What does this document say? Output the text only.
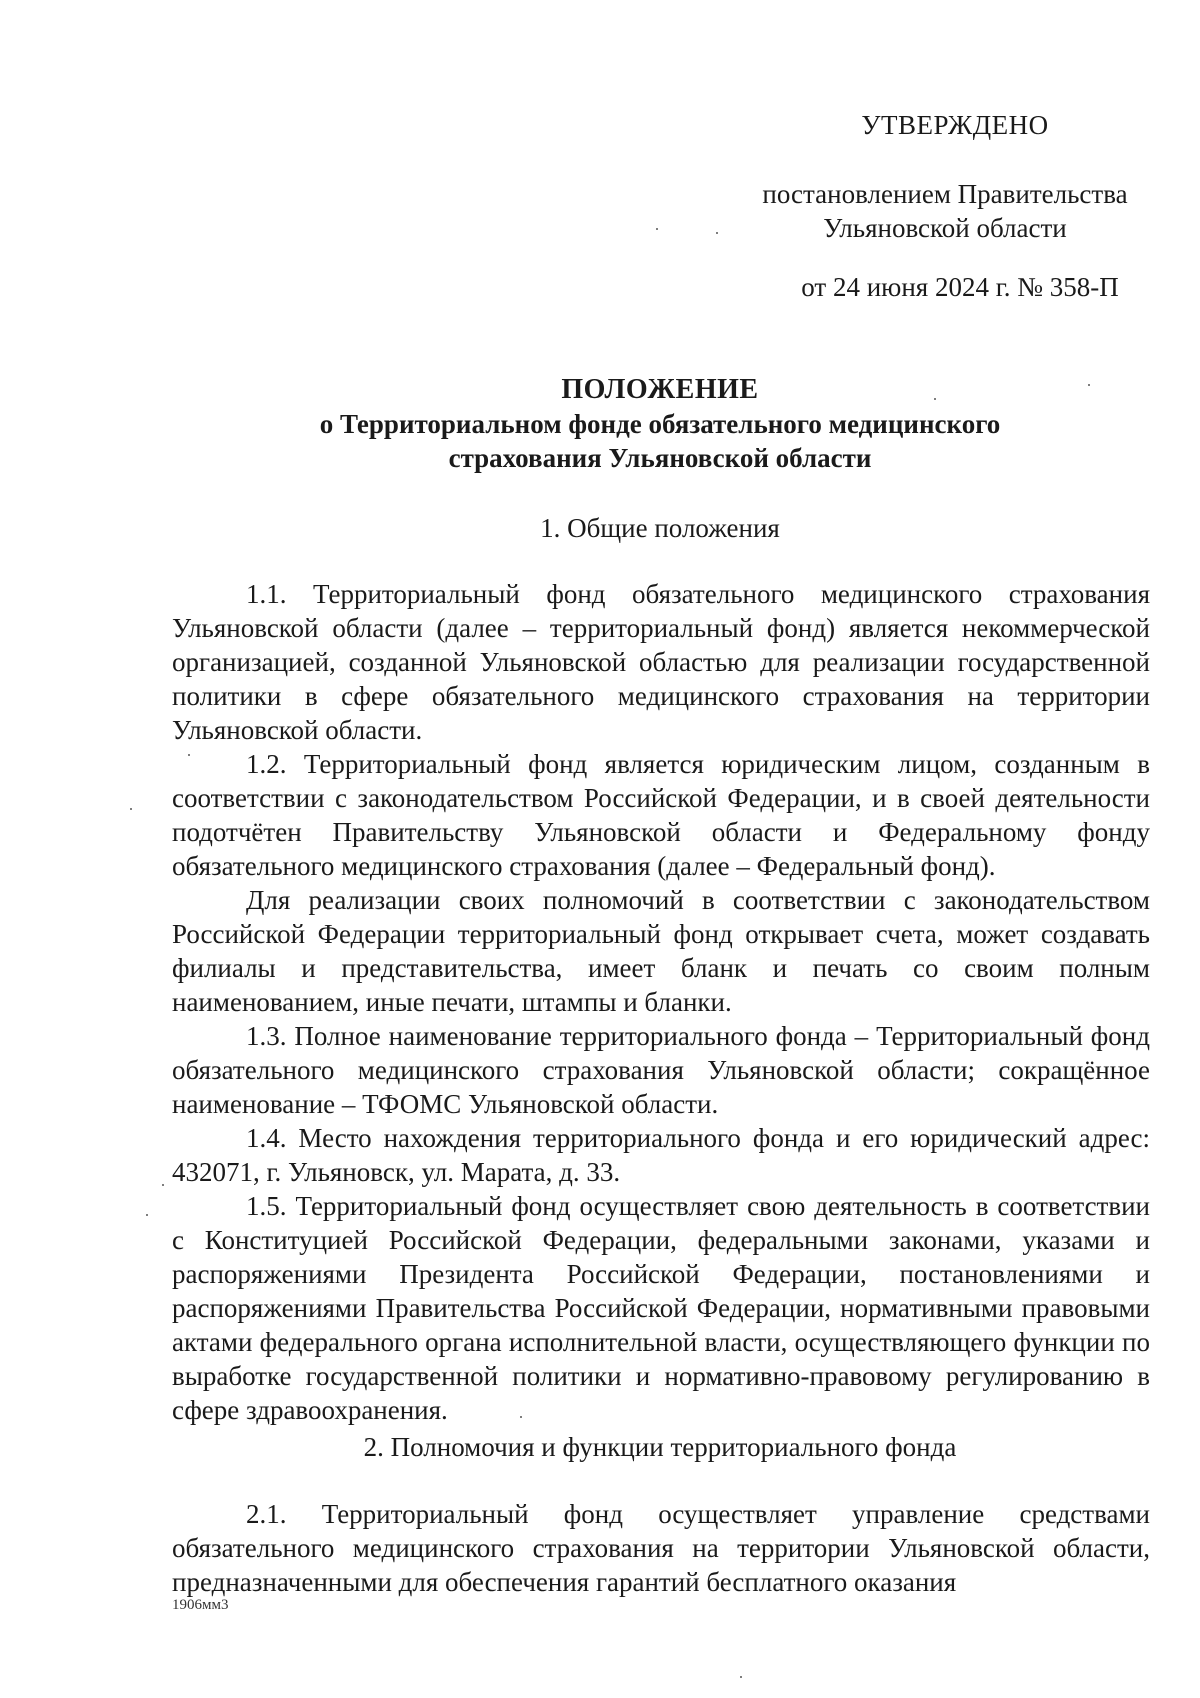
УТВЕРЖДЕНО
постановлением Правительства
Ульяновской области
от 24 июня 2024 г. № 358-П
ПОЛОЖЕНИЕ
о Территориальном фонде обязательного медицинского
страхования Ульяновской области
1. Общие положения

1.1. Территориальный фонд обязательного медицинского страхования Ульяновской области (далее – территориальный фонд) является некоммерческой организацией, созданной Ульяновской областью для реализации государственной политики в сфере обязательного медицинского страхования на территории Ульяновской области.

1.2. Территориальный фонд является юридическим лицом, созданным в соответствии с законодательством Российской Федерации, и в своей деятельности подотчётен Правительству Ульяновской области и Федеральному фонду обязательного медицинского страхования (далее – Федеральный фонд).

Для реализации своих полномочий в соответствии с законодательством Российской Федерации территориальный фонд открывает счета, может создавать филиалы и представительства, имеет бланк и печать со своим полным наименованием, иные печати, штампы и бланки.

1.3. Полное наименование территориального фонда – Территориальный фонд обязательного медицинского страхования Ульяновской области; сокращённое наименование – ТФОМС Ульяновской области.

1.4. Место нахождения территориального фонда и его юридический адрес: 432071, г. Ульяновск, ул. Марата, д. 33.

1.5. Территориальный фонд осуществляет свою деятельность в соответствии с Конституцией Российской Федерации, федеральными законами, указами и распоряжениями Президента Российской Федерации, постановлениями и распоряжениями Правительства Российской Федерации, нормативными правовыми актами федерального органа исполнительной власти, осуществляющего функции по выработке государственной политики и нормативно-правовому регулированию в сфере здравоохранения.

2. Полномочия и функции территориального фонда

2.1. Территориальный фонд осуществляет управление средствами обязательного медицинского страхования на территории Ульяновской области, предназначенными для обеспечения гарантий бесплатного оказания

1906мм3
